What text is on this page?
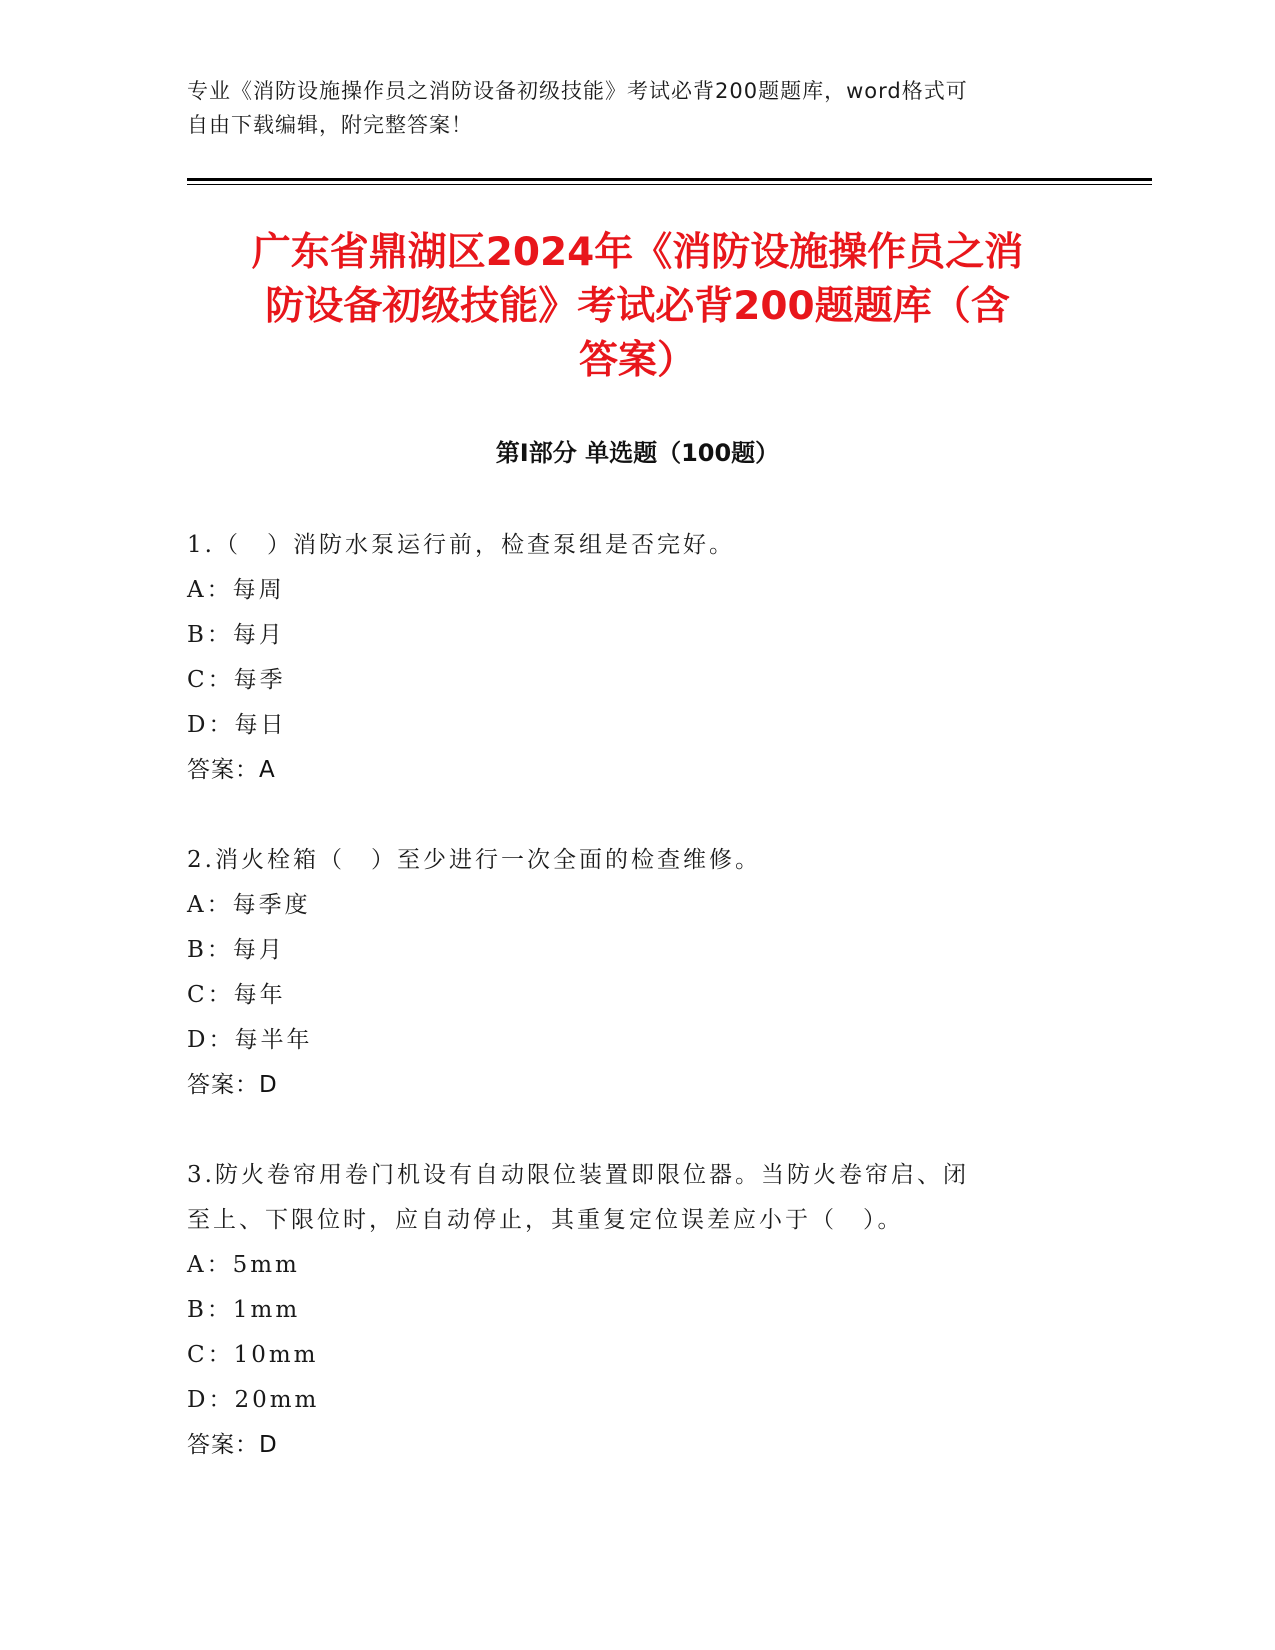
专业《消防设施操作员之消防设备初级技能》考试必背200题题库，word格式可
自由下载编辑，附完整答案！
广东省鼎湖区2024年《消防设施操作员之消
防设备初级技能》考试必背200题题库（含
答案）
第I部分 单选题（100题）
1.（　）消防水泵运行前，检查泵组是否完好。
A：每周
B：每月
C：每季
D：每日
答案：A
2.消火栓箱（　）至少进行一次全面的检查维修。
A：每季度
B：每月
C：每年
D：每半年
答案：D
3.防火卷帘用卷门机设有自动限位装置即限位器。当防火卷帘启、闭
至上、下限位时，应自动停止，其重复定位误差应小于（　）。
A：5mm
B：1mm
C：10mm
D：20mm
答案：D
